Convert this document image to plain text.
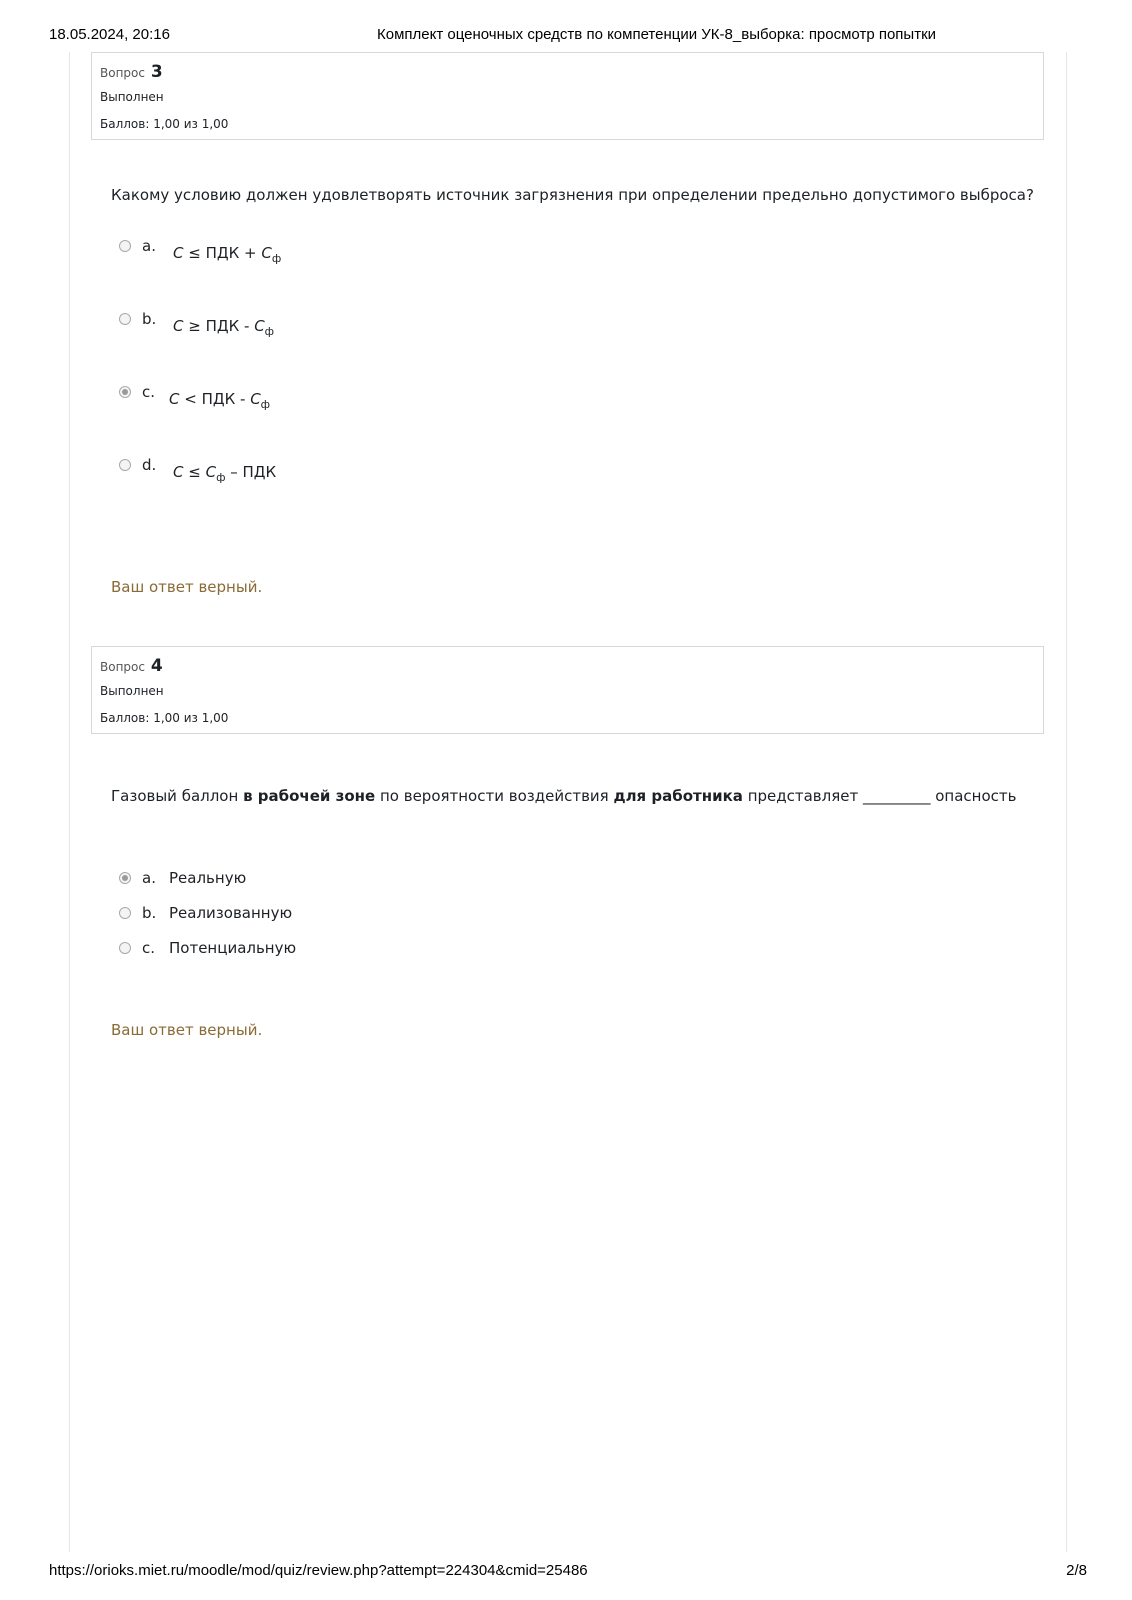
18.05.2024, 20:16	Комплект оценочных средств по компетенции УК-8_выборка: просмотр попытки
Вопрос 3
Выполнен
Баллов: 1,00 из 1,00
Какому условию должен удовлетворять источник загрязнения при определении предельно допустимого выброса?
a. C ≤ ПДК + $C_ф$
b. C ≥ ПДК - $C_ф$
c. C < ПДК - $C_ф$
d. $C \le C_ф$ – ПДК
Ваш ответ верный.
Вопрос 4
Выполнен
Баллов: 1,00 из 1,00
Газовый баллон в рабочей зоне по вероятности воздействия для работника представляет _________ опасность
a. Реальную
b. Реализованную
c. Потенциальную
Ваш ответ верный.
https://orioks.miet.ru/moodle/mod/quiz/review.php?attempt=224304&cmid=25486	2/8
